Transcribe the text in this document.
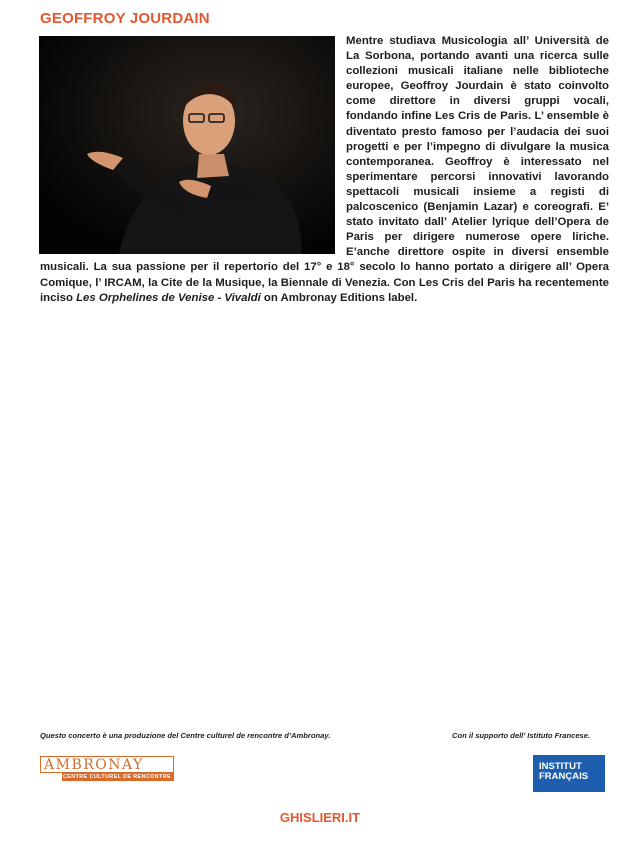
GEOFFROY JOURDAIN
Mentre studiava Musicologia all’ Università de La Sorbona, portando avanti una ricerca sulle collezioni musicali italiane nelle biblioteche europee, Geoffroy Jourdain è stato coinvolto come direttore in diversi gruppi vocali, fondando infine Les Cris de Paris. L’ ensemble è diventato presto famoso per l’audacia dei suoi progetti e per l’impegno di divulgare la musica contemporanea. Geoffroy è interessato nel sperimentare percorsi innovativi lavorando spettacoli musicali insieme a registi di palcoscenico (Benjamin Lazar) e coreografi. E’ stato invitato dall’ Atelier lyrique dell’Opera de Paris per dirigere numerose opere liriche. E’anche direttore ospite in diversi ensemble musicali. La sua passione per il repertorio del 17° e 18° secolo lo hanno portato a dirigere all’ Opera Comique, l’ IRCAM, la Cite de la Musique, la Biennale di Venezia. Con Les Cris del Paris ha recentemente inciso Les Orphelines de Venise - Vivaldi on Ambronay Editions label.
Questo concerto è una produzione del Centre culturel de rencontre d’Ambronay.	Con il supporto dell’ Istituto Francese.
AMBRONAY
CENTRE CULTUREL DE RENCONTRE
INSTITUT
FRANÇAIS
GHISLIERI.IT
